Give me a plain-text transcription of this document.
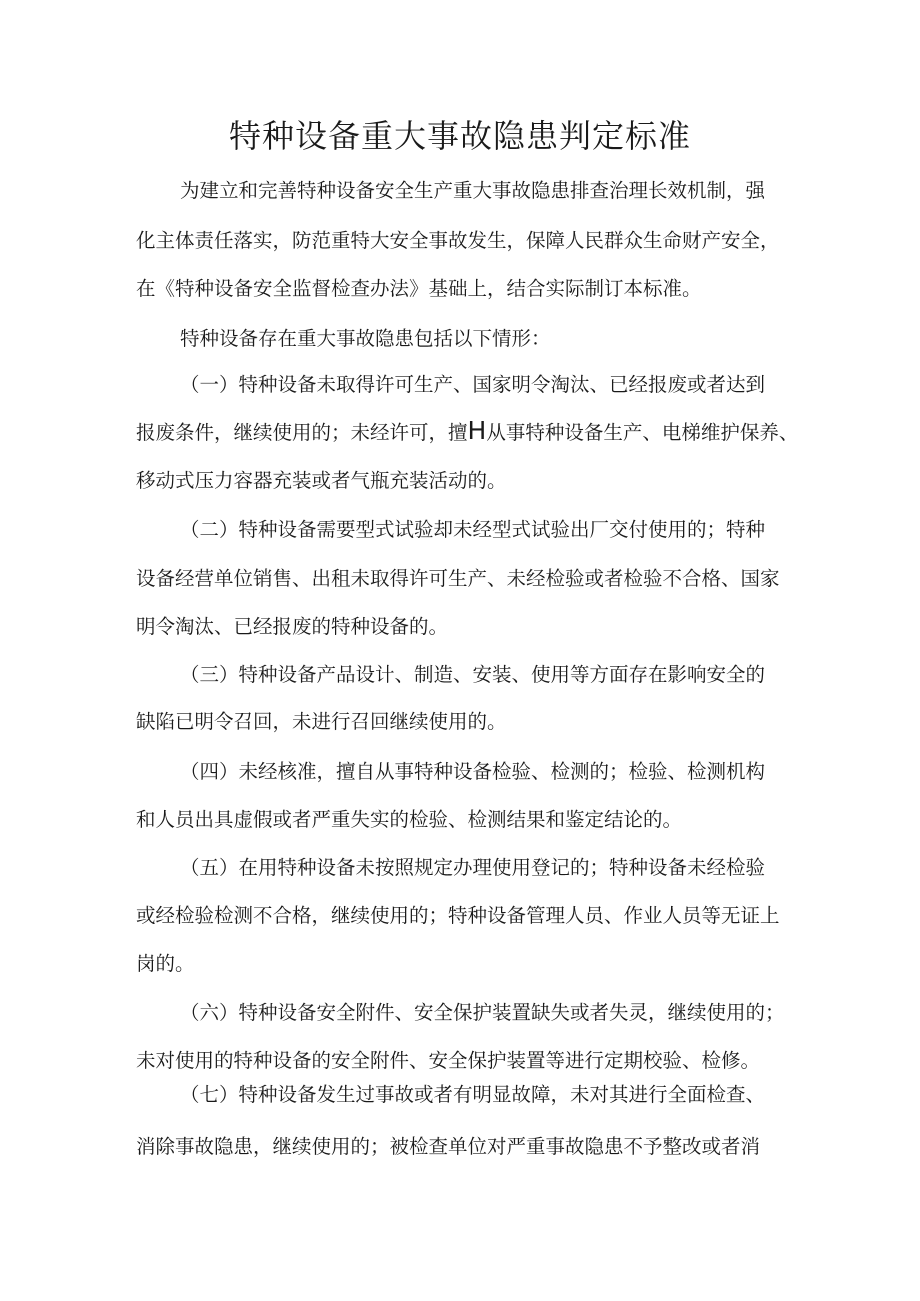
特种设备重大事故隐患判定标准
为建立和完善特种设备安全生产重大事故隐患排查治理长效机制，强
化主体责任落实，防范重特大安全事故发生，保障人民群众生命财产安全，
在《特种设备安全监督检查办法》基础上，结合实际制订本标准。
特种设备存在重大事故隐患包括以下情形：
（一）特种设备未取得许可生产、国家明令淘汰、已经报废或者达到
报废条件，继续使用的；未经许可，擅H从事特种设备生产、电梯维护保养、
移动式压力容器充装或者气瓶充装活动的。
（二）特种设备需要型式试验却未经型式试验出厂交付使用的；特种
设备经营单位销售、出租未取得许可生产、未经检验或者检验不合格、国家
明令淘汰、已经报废的特种设备的。
（三）特种设备产品设计、制造、安装、使用等方面存在影响安全的
缺陷已明令召回，未进行召回继续使用的。
（四）未经核准，擅自从事特种设备检验、检测的；检验、检测机构
和人员出具虚假或者严重失实的检验、检测结果和鉴定结论的。
（五）在用特种设备未按照规定办理使用登记的；特种设备未经检验
或经检验检测不合格，继续使用的；特种设备管理人员、作业人员等无证上
岗的。
（六）特种设备安全附件、安全保护装置缺失或者失灵，继续使用的；
未对使用的特种设备的安全附件、安全保护装置等进行定期校验、检修。
（七）特种设备发生过事故或者有明显故障，未对其进行全面检查、
消除事故隐患，继续使用的；被检查单位对严重事故隐患不予整改或者消
